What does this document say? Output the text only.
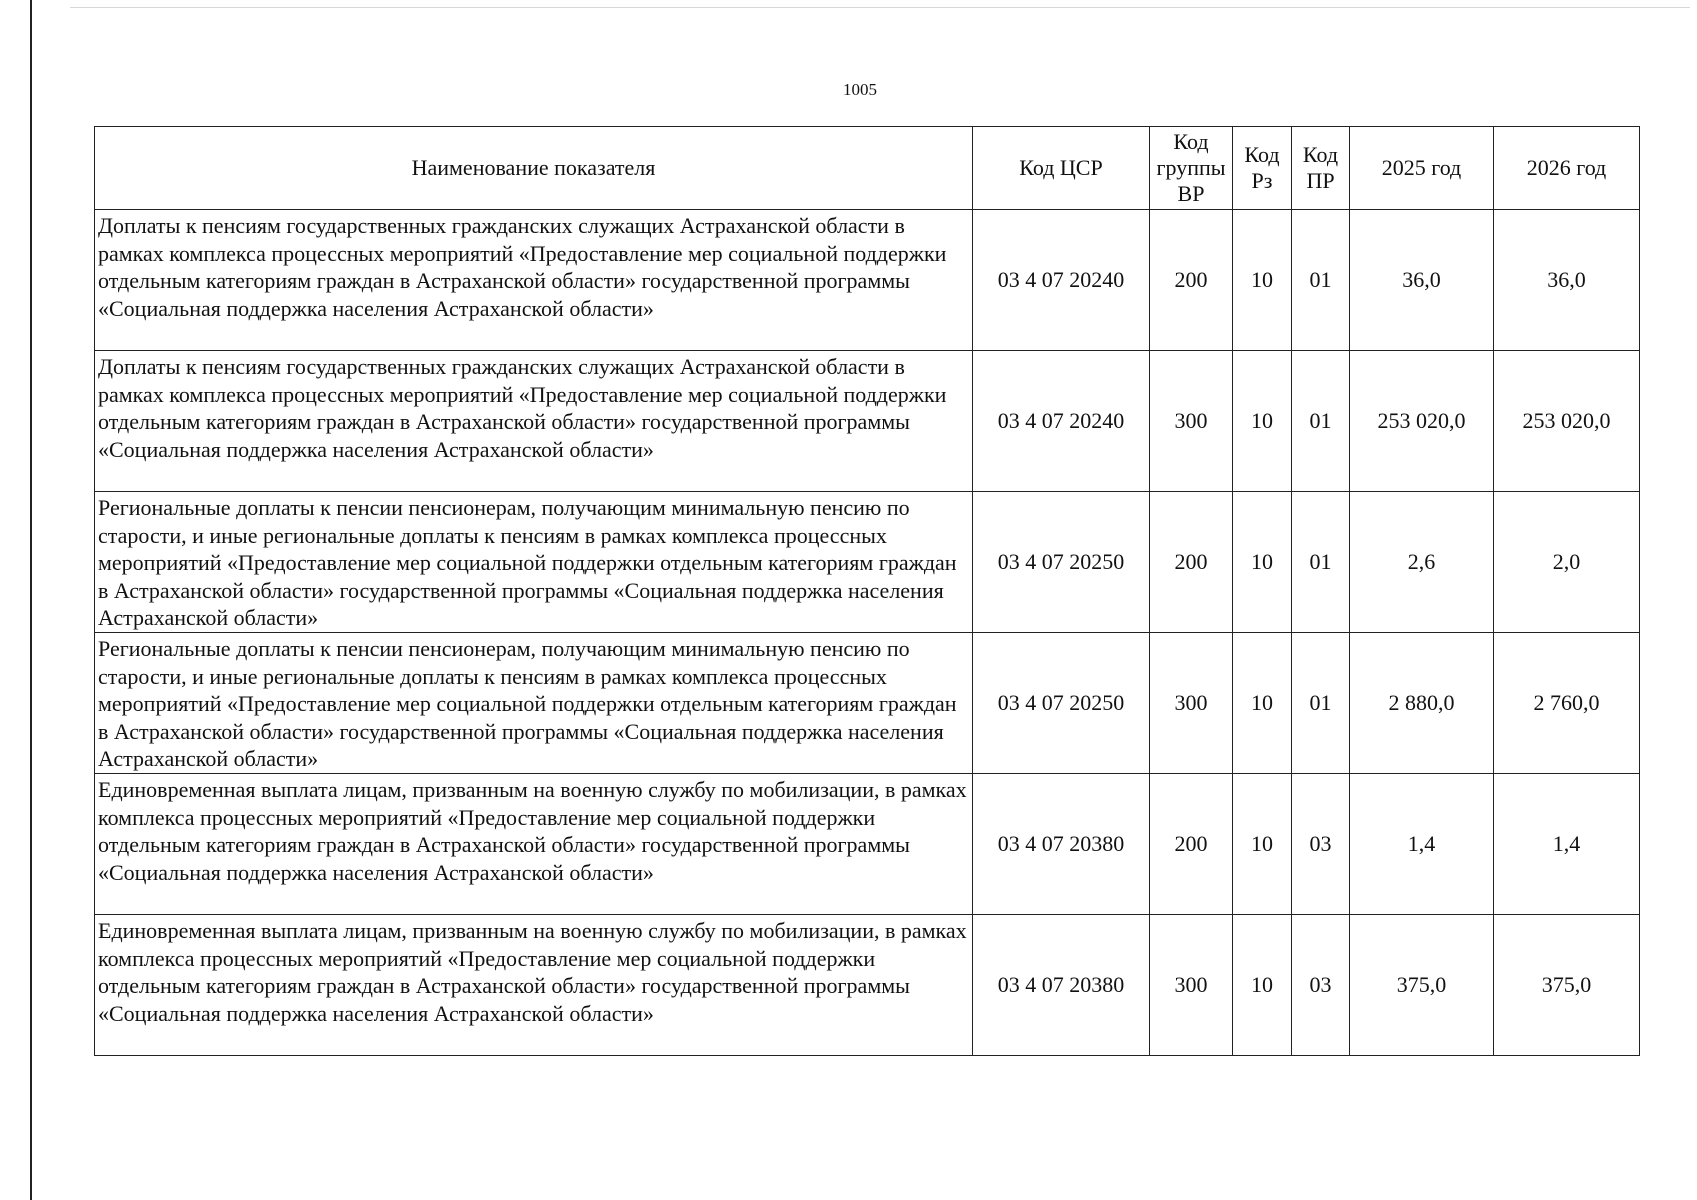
1005
Наименование показателя	Код ЦСР	Код группы ВР	Код Рз	Код ПР	2025 год	2026 год
Доплаты к пенсиям государственных гражданских служащих Астраханской области в рамках комплекса процессных мероприятий «Предоставление мер социальной поддержки отдельным категориям граждан в Астраханской области» государственной программы «Социальная поддержка населения Астраханской области»	03 4 07 20240	200	10	01	36,0	36,0
Доплаты к пенсиям государственных гражданских служащих Астраханской области в рамках комплекса процессных мероприятий «Предоставление мер социальной поддержки отдельным категориям граждан в Астраханской области» государственной программы «Социальная поддержка населения Астраханской области»	03 4 07 20240	300	10	01	253 020,0	253 020,0
Региональные доплаты к пенсии пенсионерам, получающим минимальную пенсию по старости, и иные региональные доплаты к пенсиям в рамках комплекса процессных мероприятий «Предоставление мер социальной поддержки отдельным категориям граждан в Астраханской области» государственной программы «Социальная поддержка населения Астраханской области»	03 4 07 20250	200	10	01	2,6	2,0
Региональные доплаты к пенсии пенсионерам, получающим минимальную пенсию по старости, и иные региональные доплаты к пенсиям в рамках комплекса процессных мероприятий «Предоставление мер социальной поддержки отдельным категориям граждан в Астраханской области» государственной программы «Социальная поддержка населения Астраханской области»	03 4 07 20250	300	10	01	2 880,0	2 760,0
Единовременная выплата лицам, призванным на военную службу по мобилизации, в рамках комплекса процессных мероприятий «Предоставление мер социальной поддержки отдельным категориям граждан в Астраханской области» государственной программы «Социальная поддержка населения Астраханской области»	03 4 07 20380	200	10	03	1,4	1,4
Единовременная выплата лицам, призванным на военную службу по мобилизации, в рамках комплекса процессных мероприятий «Предоставление мер социальной поддержки отдельным категориям граждан в Астраханской области» государственной программы «Социальная поддержка населения Астраханской области»	03 4 07 20380	300	10	03	375,0	375,0
